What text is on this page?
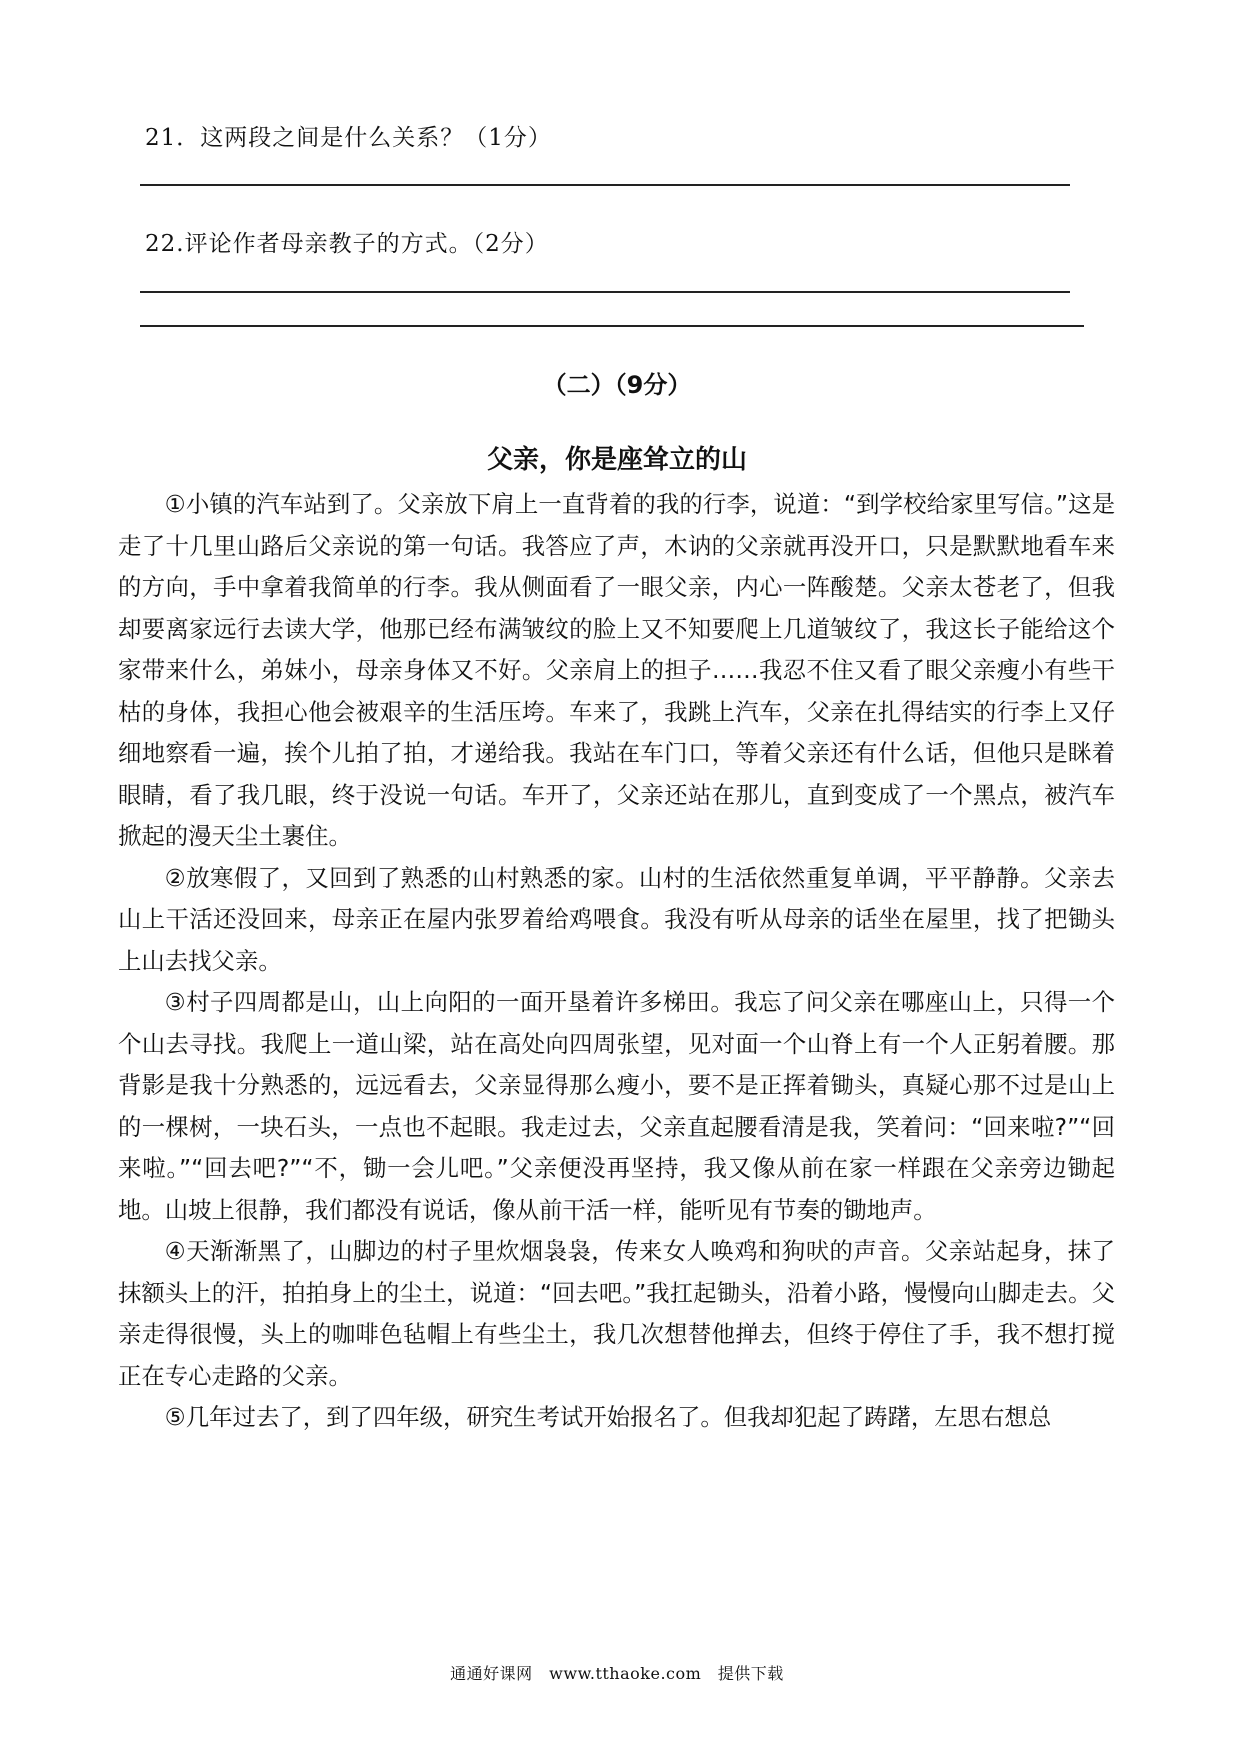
21．这两段之间是什么关系？（1分）
22.评论作者母亲教子的方式。（2分）
（二）（9分）
父亲，你是座耸立的山

①小镇的汽车站到了。父亲放下肩上一直背着的我的行李，说道：“到学校给家里写信。”这是走了十几里山路后父亲说的第一句话。我答应了声，木讷的父亲就再没开口，只是默默地看车来的方向，手中拿着我简单的行李。我从侧面看了一眼父亲，内心一阵酸楚。父亲太苍老了，但我却要离家远行去读大学，他那已经布满皱纹的脸上又不知要爬上几道皱纹了，我这长子能给这个家带来什么，弟妹小，母亲身体又不好。父亲肩上的担子……我忍不住又看了眼父亲瘦小有些干枯的身体，我担心他会被艰辛的生活压垮。车来了，我跳上汽车，父亲在扎得结实的行李上又仔细地察看一遍，挨个儿拍了拍，才递给我。我站在车门口，等着父亲还有什么话，但他只是眯着眼睛，看了我几眼，终于没说一句话。车开了，父亲还站在那儿，直到变成了一个黑点，被汽车掀起的漫天尘土裹住。

②放寒假了，又回到了熟悉的山村熟悉的家。山村的生活依然重复单调，平平静静。父亲去山上干活还没回来，母亲正在屋内张罗着给鸡喂食。我没有听从母亲的话坐在屋里，找了把锄头上山去找父亲。

③村子四周都是山，山上向阳的一面开垦着许多梯田。我忘了问父亲在哪座山上，只得一个个山去寻找。我爬上一道山梁，站在高处向四周张望，见对面一个山脊上有一个人正躬着腰。那背影是我十分熟悉的，远远看去，父亲显得那么瘦小，要不是正挥着锄头，真疑心那不过是山上的一棵树，一块石头，一点也不起眼。我走过去，父亲直起腰看清是我，笑着问：“回来啦?”“回来啦。”“回去吧?”“不，锄一会儿吧。”父亲便没再坚持，我又像从前在家一样跟在父亲旁边锄起地。山坡上很静，我们都没有说话，像从前干活一样，能听见有节奏的锄地声。

④天渐渐黑了，山脚边的村子里炊烟袅袅，传来女人唤鸡和狗吠的声音。父亲站起身，抹了抹额头上的汗，拍拍身上的尘土，说道：“回去吧。”我扛起锄头，沿着小路，慢慢向山脚走去。父亲走得很慢，头上的咖啡色毡帽上有些尘土，我几次想替他掸去，但终于停住了手，我不想打搅正在专心走路的父亲。

⑤几年过去了，到了四年级，研究生考试开始报名了。但我却犯起了踌躇，左思右想总

通通好课网　www.tthaoke.com　提供下载
